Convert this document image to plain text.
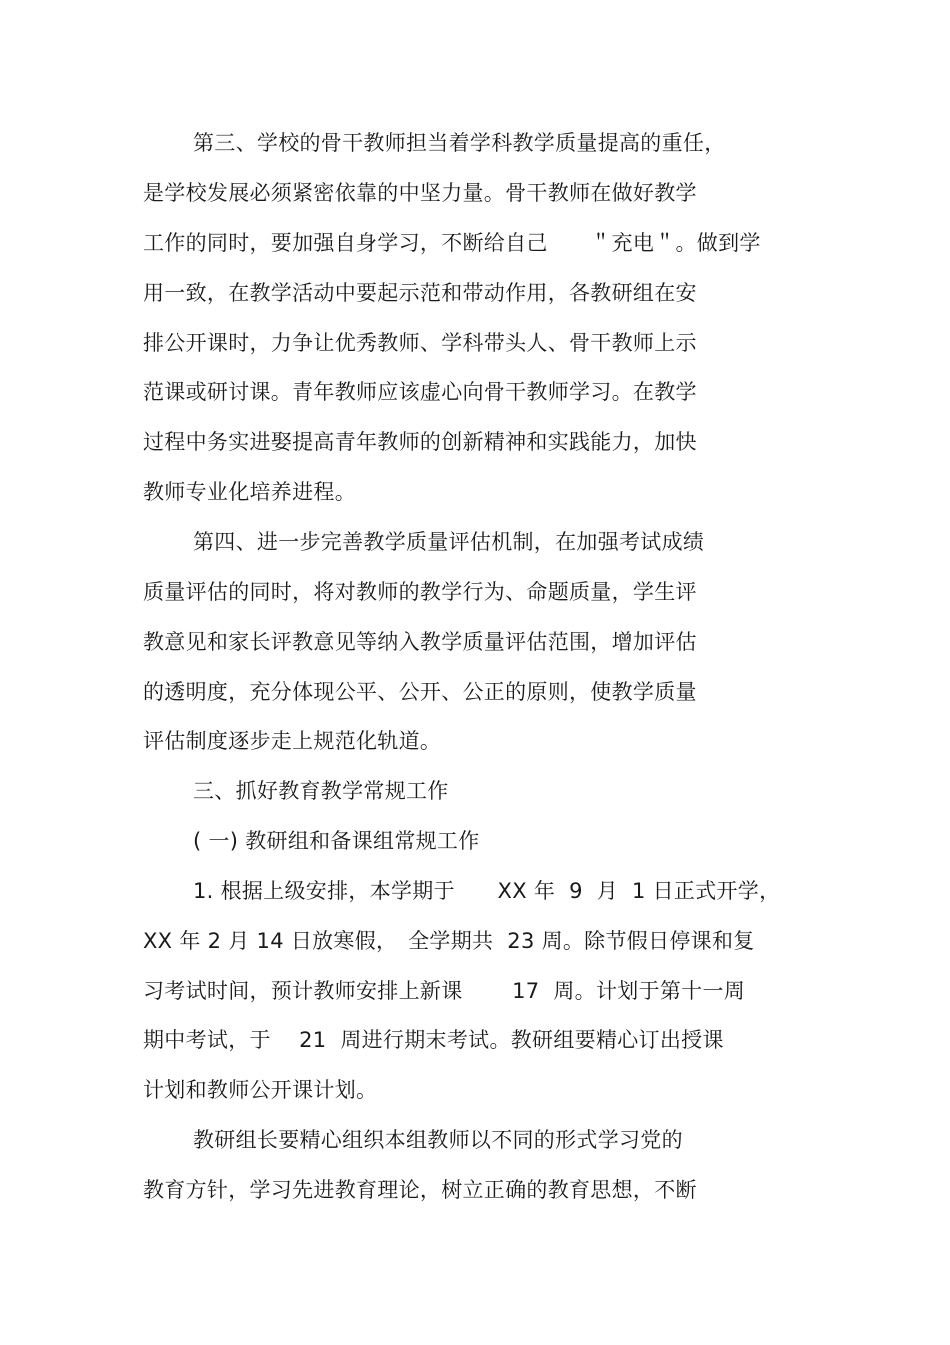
第三、学校的骨干教师担当着学科教学质量提高的重任，
是学校发展必须紧密依靠的中坚力量。骨干教师在做好教学
工作的同时，要加强自身学习，不断给自己　　＂充电＂。做到学
用一致，在教学活动中要起示范和带动作用，各教研组在安
排公开课时，力争让优秀教师、学科带头人、骨干教师上示
范课或研讨课。青年教师应该虚心向骨干教师学习。在教学
过程中务实进娶提高青年教师的创新精神和实践能力，加快
教师专业化培养进程。
第四、进一步完善教学质量评估机制，在加强考试成绩
质量评估的同时，将对教师的教学行为、命题质量，学生评
教意见和家长评教意见等纳入教学质量评估范围，增加评估
的透明度，充分体现公平、公开、公正的原则，使教学质量
评估制度逐步走上规范化轨道。
三、抓好教育教学常规工作
( 一) 教研组和备课组常规工作
1. 根据上级安排，本学期于　　XX 年  9  月  1 日正式开学，
XX 年 2 月 14 日放寒假，　全学期共  23 周。除节假日停课和复
习考试时间，预计教师安排上新课　　 17  周。计划于第十一周
期中考试，于　 21  周进行期末考试。教研组要精心订出授课
计划和教师公开课计划。
教研组长要精心组织本组教师以不同的形式学习党的
教育方针，学习先进教育理论，树立正确的教育思想，不断
